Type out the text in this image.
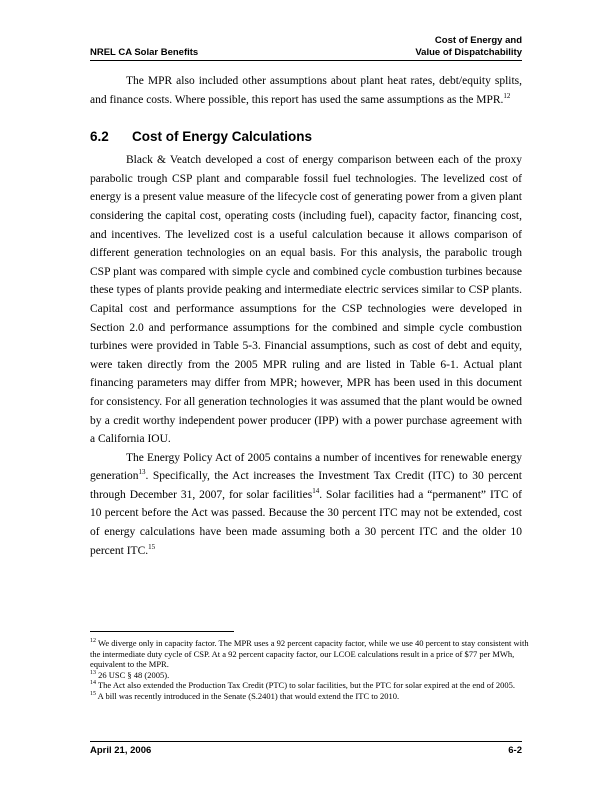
NREL CA Solar Benefits
Cost of Energy and
Value of Dispatchability

The MPR also included other assumptions about plant heat rates, debt/equity splits, and finance costs. Where possible, this report has used the same assumptions as the MPR.$^{12}$

6.2 Cost of Energy Calculations

Black & Veatch developed a cost of energy comparison between each of the proxy parabolic trough CSP plant and comparable fossil fuel technologies. The levelized cost of energy is a present value measure of the lifecycle cost of generating power from a given plant considering the capital cost, operating costs (including fuel), capacity factor, financing cost, and incentives. The levelized cost is a useful calculation because it allows comparison of different generation technologies on an equal basis. For this analysis, the parabolic trough CSP plant was compared with simple cycle and combined cycle combustion turbines because these types of plants provide peaking and intermediate electric services similar to CSP plants. Capital cost and performance assumptions for the CSP technologies were developed in Section 2.0 and performance assumptions for the combined and simple cycle combustion turbines were provided in Table 5-3. Financial assumptions, such as cost of debt and equity, were taken directly from the 2005 MPR ruling and are listed in Table 6-1. Actual plant financing parameters may differ from MPR; however, MPR has been used in this document for consistency. For all generation technologies it was assumed that the plant would be owned by a credit worthy independent power producer (IPP) with a power purchase agreement with a California IOU.

The Energy Policy Act of 2005 contains a number of incentives for renewable energy generation$^{13}$. Specifically, the Act increases the Investment Tax Credit (ITC) to 30 percent through December 31, 2007, for solar facilities$^{14}$. Solar facilities had a “permanent” ITC of 10 percent before the Act was passed. Because the 30 percent ITC may not be extended, cost of energy calculations have been made assuming both a 30 percent ITC and the older 10 percent ITC.$^{15}$

$^{12}$ We diverge only in capacity factor. The MPR uses a 92 percent capacity factor, while we use 40 percent to stay consistent with the intermediate duty cycle of CSP. At a 92 percent capacity factor, our LCOE calculations result in a price of $77 per MWh, equivalent to the MPR.
$^{13}$ 26 USC § 48 (2005).
$^{14}$ The Act also extended the Production Tax Credit (PTC) to solar facilities, but the PTC for solar expired at the end of 2005.
$^{15}$ A bill was recently introduced in the Senate (S.2401) that would extend the ITC to 2010.
April 21, 2006	6-2
